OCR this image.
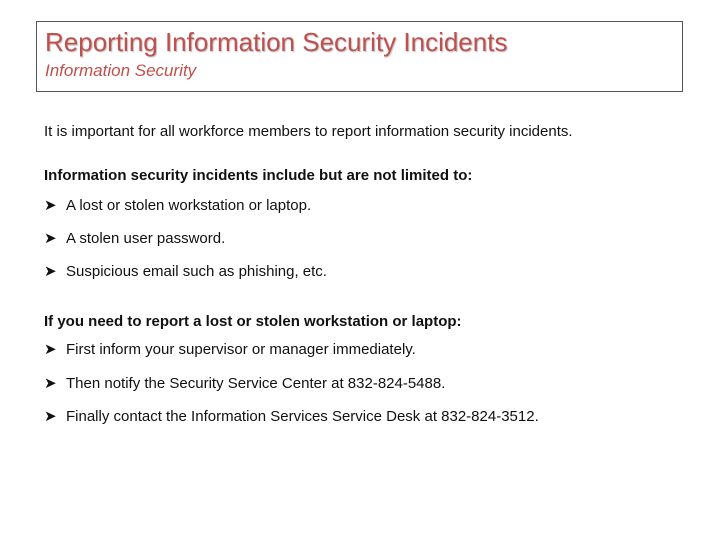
Reporting Information Security Incidents
Information Security
It is important for all workforce members to report information security incidents.
Information security incidents include but are not limited to:
➤ A lost or stolen workstation or laptop.
➤ A stolen user password.
➤ Suspicious email such as phishing, etc.
If you need to report a lost or stolen workstation or laptop:
➤ First inform your supervisor or manager immediately.
➤ Then notify the Security Service Center at 832-824-5488.
➤ Finally contact the Information Services Service Desk at 832-824-3512.
